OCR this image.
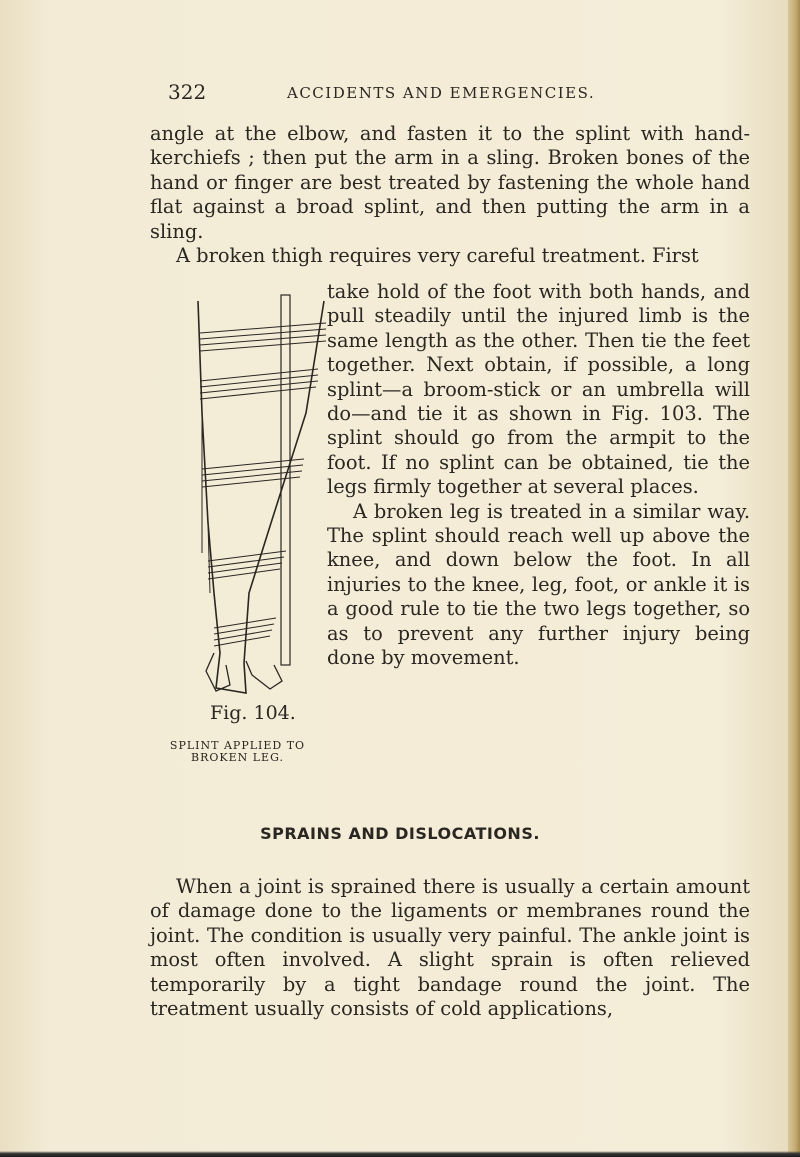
322	ACCIDENTS AND EMERGENCIES.

angle at the elbow, and fasten it to the splint with hand-kerchiefs ; then put the arm in a sling. Broken bones of the hand or finger are best treated by fastening the whole hand flat against a broad splint, and then putting the arm in a sling.

A broken thigh requires very careful treatment. First

Fig. 104.
SPLINT APPLIED TO BROKEN LEG.

take hold of the foot with both hands, and pull steadily until the injured limb is the same length as the other. Then tie the feet together. Next obtain, if possible, a long splint—a broom-stick or an umbrella will do—and tie it as shown in Fig. 103. The splint should go from the armpit to the foot. If no splint can be obtained, tie the legs firmly together at several places.

A broken leg is treated in a similar way. The splint should reach well up above the knee, and down below the foot. In all injuries to the knee, leg, foot, or ankle it is a good rule to tie the two legs together, so as to prevent any further injury being done by movement.

SPRAINS AND DISLOCATIONS.

When a joint is sprained there is usually a certain amount of damage done to the ligaments or membranes round the joint. The condition is usually very painful. The ankle joint is most often involved. A slight sprain is often relieved temporarily by a tight bandage round the joint. The treatment usually consists of cold applications,
